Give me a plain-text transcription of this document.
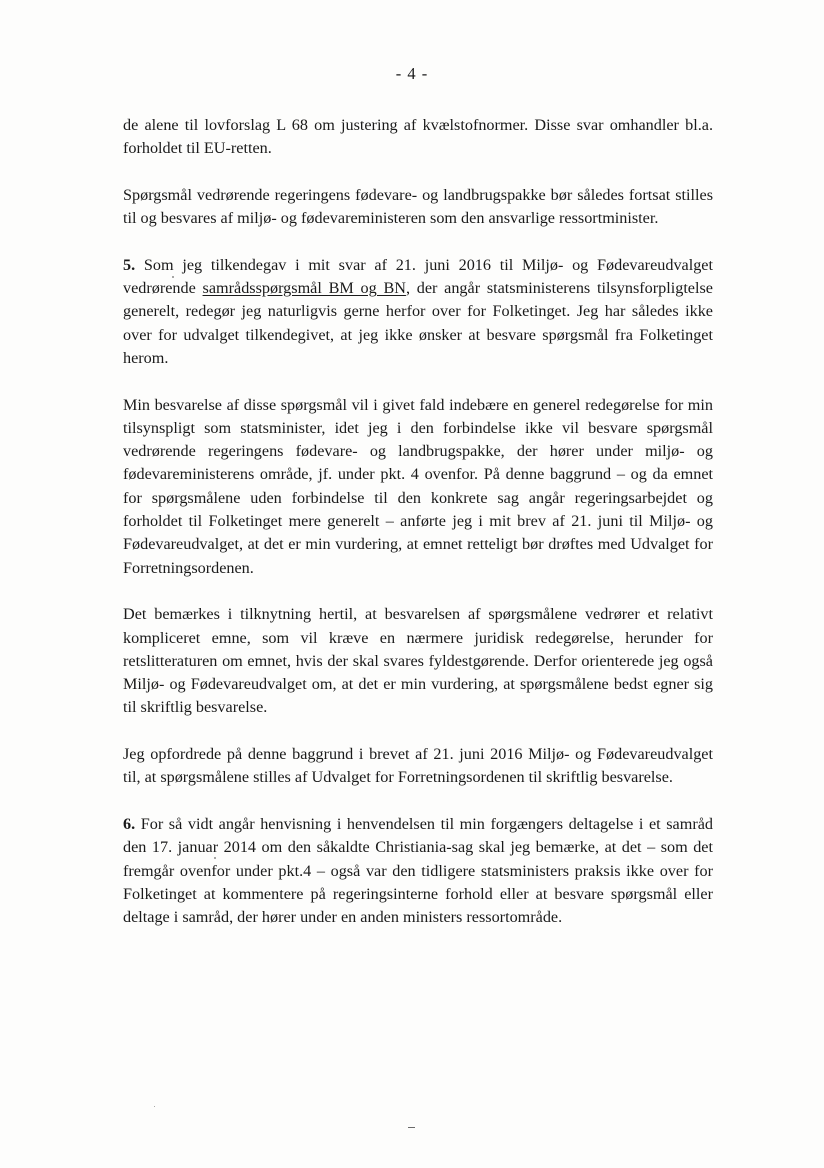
- 4 -

de alene til lovforslag L 68 om justering af kvælstofnormer. Disse svar omhandler bl.a. forholdet til EU-retten.

Spørgsmål vedrørende regeringens fødevare- og landbrugspakke bør således fortsat stilles til og besvares af miljø- og fødevareministeren som den ansvarlige ressortminister.

5. Som jeg tilkendegav i mit svar af 21. juni 2016 til Miljø- og Fødevareudvalget vedrørende samrådsspørgsmål BM og BN, der angår statsministerens tilsynsforpligtelse generelt, redegør jeg naturligvis gerne herfor over for Folketinget. Jeg har således ikke over for udvalget tilkendegivet, at jeg ikke ønsker at besvare spørgsmål fra Folketinget herom.

Min besvarelse af disse spørgsmål vil i givet fald indebære en generel redegørelse for min tilsynspligt som statsminister, idet jeg i den forbindelse ikke vil besvare spørgsmål vedrørende regeringens fødevare- og landbrugspakke, der hører under miljø- og fødevareministerens område, jf. under pkt. 4 ovenfor. På denne baggrund – og da emnet for spørgsmålene uden forbindelse til den konkrete sag angår regeringsarbejdet og forholdet til Folketinget mere generelt – anførte jeg i mit brev af 21. juni til Miljø- og Fødevareudvalget, at det er min vurdering, at emnet retteligt bør drøftes med Udvalget for Forretningsordenen.

Det bemærkes i tilknytning hertil, at besvarelsen af spørgsmålene vedrører et relativt kompliceret emne, som vil kræve en nærmere juridisk redegørelse, herunder for retslitteraturen om emnet, hvis der skal svares fyldestgørende. Derfor orienterede jeg også Miljø- og Fødevareudvalget om, at det er min vurdering, at spørgsmålene bedst egner sig til skriftlig besvarelse.

Jeg opfordrede på denne baggrund i brevet af 21. juni 2016 Miljø- og Fødevareudvalget til, at spørgsmålene stilles af Udvalget for Forretningsordenen til skriftlig besvarelse.

6. For så vidt angår henvisning i henvendelsen til min forgængers deltagelse i et samråd den 17. januar 2014 om den såkaldte Christiania-sag skal jeg bemærke, at det – som det fremgår ovenfor under pkt.4 – også var den tidligere statsministers praksis ikke over for Folketinget at kommentere på regeringsinterne forhold eller at besvare spørgsmål eller deltage i samråd, der hører under en anden ministers ressortområde.
